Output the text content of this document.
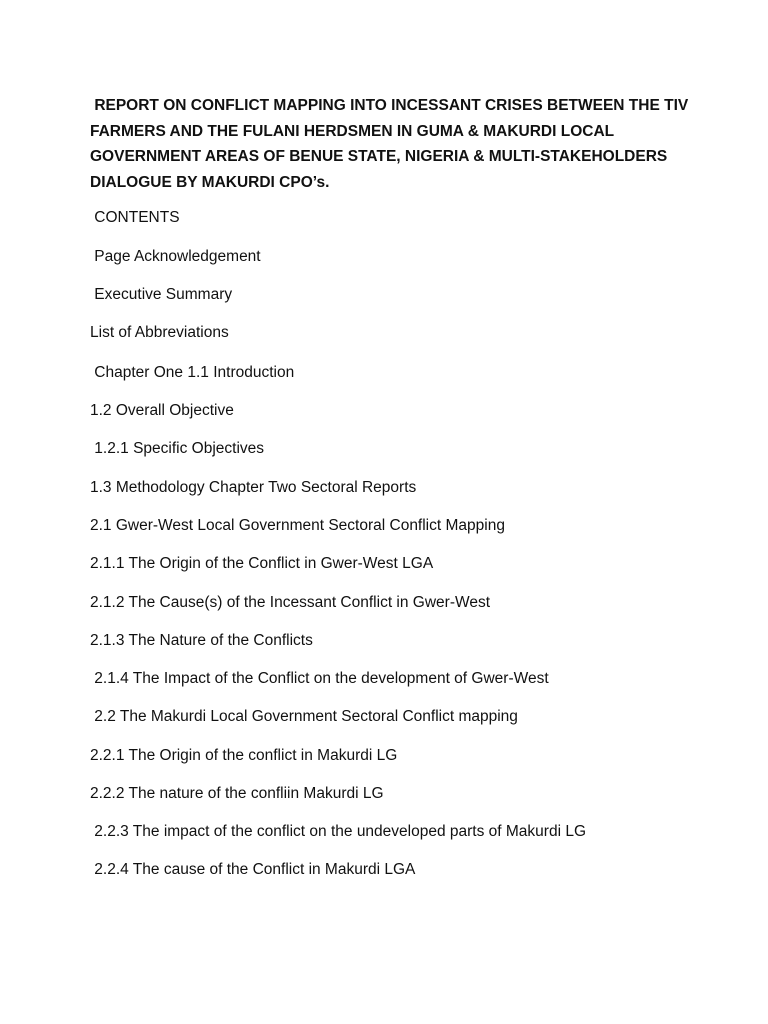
REPORT ON CONFLICT MAPPING INTO INCESSANT CRISES BETWEEN THE TIV FARMERS AND THE FULANI HERDSMEN IN GUMA & MAKURDI LOCAL GOVERNMENT AREAS OF BENUE STATE, NIGERIA & MULTI-STAKEHOLDERS DIALOGUE BY MAKURDI CPO’s.

CONTENTS

Page Acknowledgement

Executive Summary

List of Abbreviations

Chapter One 1.1 Introduction

1.2 Overall Objective

1.2.1 Specific Objectives

1.3 Methodology Chapter Two Sectoral Reports

2.1 Gwer-West Local Government Sectoral Conflict Mapping

2.1.1 The Origin of the Conflict in Gwer-West LGA

2.1.2 The Cause(s) of the Incessant Conflict in Gwer-West

2.1.3 The Nature of the Conflicts

2.1.4 The Impact of the Conflict on the development of Gwer-West

2.2 The Makurdi Local Government Sectoral Conflict mapping

2.2.1 The Origin of the conflict in Makurdi LG

2.2.2 The nature of the confliin Makurdi LG

2.2.3 The impact of the conflict on the undeveloped parts of Makurdi LG

2.2.4 The cause of the Conflict in Makurdi LGA
